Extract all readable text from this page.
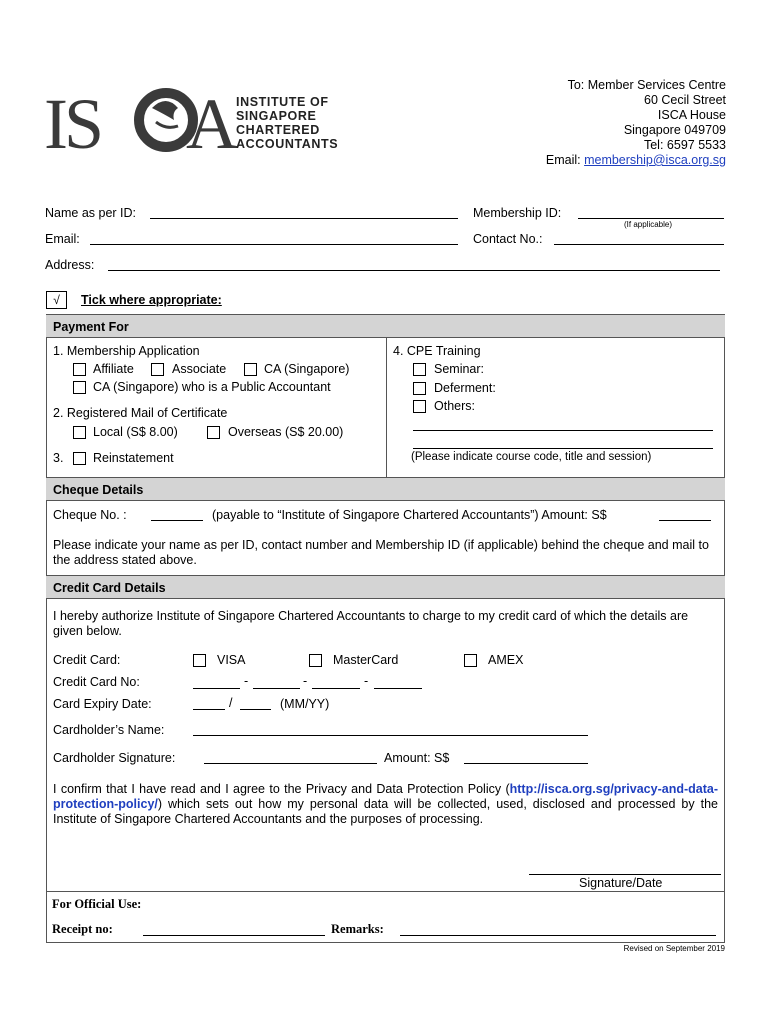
IS A
INSTITUTE OF
SINGAPORE
CHARTERED
ACCOUNTANTS
To: Member Services Centre
60 Cecil Street
ISCA House
Singapore 049709
Tel: 6597 5533
Email: membership@isca.org.sg
Name as per ID:	Membership ID:
(If applicable)
Email:	Contact No.:
Address:
√	Tick where appropriate:
Payment For
1. Membership Application
Affiliate	Associate	CA (Singapore)
CA (Singapore) who is a Public Accountant
2. Registered Mail of Certificate
Local (S$ 8.00)	Overseas (S$ 20.00)
3. Reinstatement
4. CPE Training
Seminar:
Deferment:
Others:
(Please indicate course code, title and session)
Cheque Details
Cheque No. :	(payable to “Institute of Singapore Chartered Accountants”) Amount: S$
Please indicate your name as per ID, contact number and Membership ID (if applicable) behind the cheque and mail to the address stated above.
Credit Card Details
I hereby authorize Institute of Singapore Chartered Accountants to charge to my credit card of which the details are given below.
Credit Card:	VISA	MasterCard	AMEX
Credit Card No:	-	-	-
Card Expiry Date:	/	(MM/YY)
Cardholder’s Name:
Cardholder Signature:	Amount: S$
I confirm that I have read and I agree to the Privacy and Data Protection Policy (http://isca.org.sg/privacy-and-data-protection-policy/) which sets out how my personal data will be collected, used, disclosed and processed by the Institute of Singapore Chartered Accountants and the purposes of processing.
Signature/Date
For Official Use:
Receipt no:	Remarks:
Revised on September 2019
